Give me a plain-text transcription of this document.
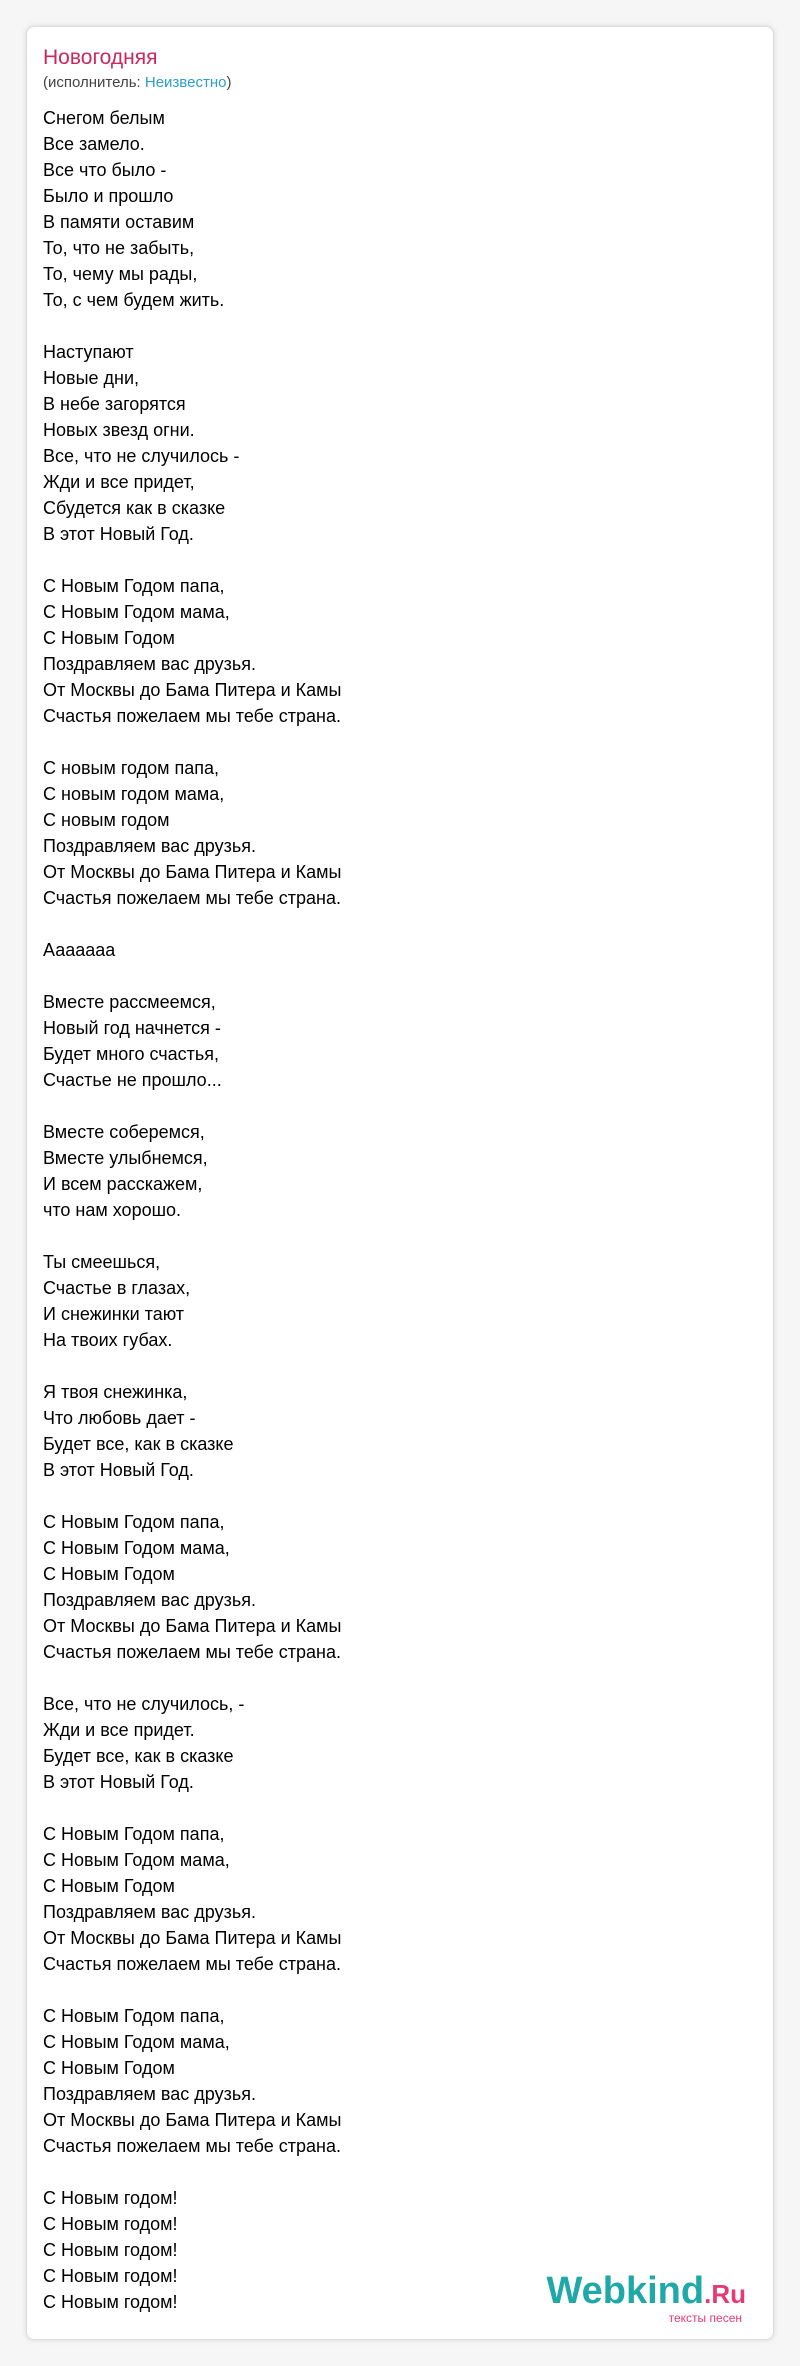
Новогодняя
(исполнитель: Неизвестно)
Снегом белым
Все замело.
Все что было -
Было и прошло
В памяти оставим
То, что не забыть,
То, чему мы рады,
То, с чем будем жить.
Наступают
Новые дни,
В небе загорятся
Новых звезд огни.
Все, что не случилось -
Жди и все придет,
Сбудется как в сказке
В этот Новый Год.
С Новым Годом папа,
С Новым Годом мама,
С Новым Годом
Поздравляем вас друзья.
От Москвы до Бама Питера и Камы
Счастья пожелаем мы тебе страна.
С новым годом папа,
С новым годом мама,
С новым годом
Поздравляем вас друзья.
От Москвы до Бама Питера и Камы
Счастья пожелаем мы тебе страна.
Ааааааа
Вместе рассмеемся,
Новый год начнется -
Будет много счастья,
Счастье не прошло...
Вместе соберемся,
Вместе улыбнемся,
И всем расскажем,
что нам хорошо.
Ты смеешься,
Счастье в глазах,
И снежинки тают
На твоих губах.
Я твоя снежинка,
Что любовь дает -
Будет все, как в сказке
В этот Новый Год.
С Новым Годом папа,
С Новым Годом мама,
С Новым Годом
Поздравляем вас друзья.
От Москвы до Бама Питера и Камы
Счастья пожелаем мы тебе страна.
Все, что не случилось, -
Жди и все придет.
Будет все, как в сказке
В этот Новый Год.
С Новым Годом папа,
С Новым Годом мама,
С Новым Годом
Поздравляем вас друзья.
От Москвы до Бама Питера и Камы
Счастья пожелаем мы тебе страна.
С Новым Годом папа,
С Новым Годом мама,
С Новым Годом
Поздравляем вас друзья.
От Москвы до Бама Питера и Камы
Счастья пожелаем мы тебе страна.
С Новым годом!
С Новым годом!
С Новым годом!
С Новым годом!
С Новым годом!	Webkind.Ru
тексты песен
